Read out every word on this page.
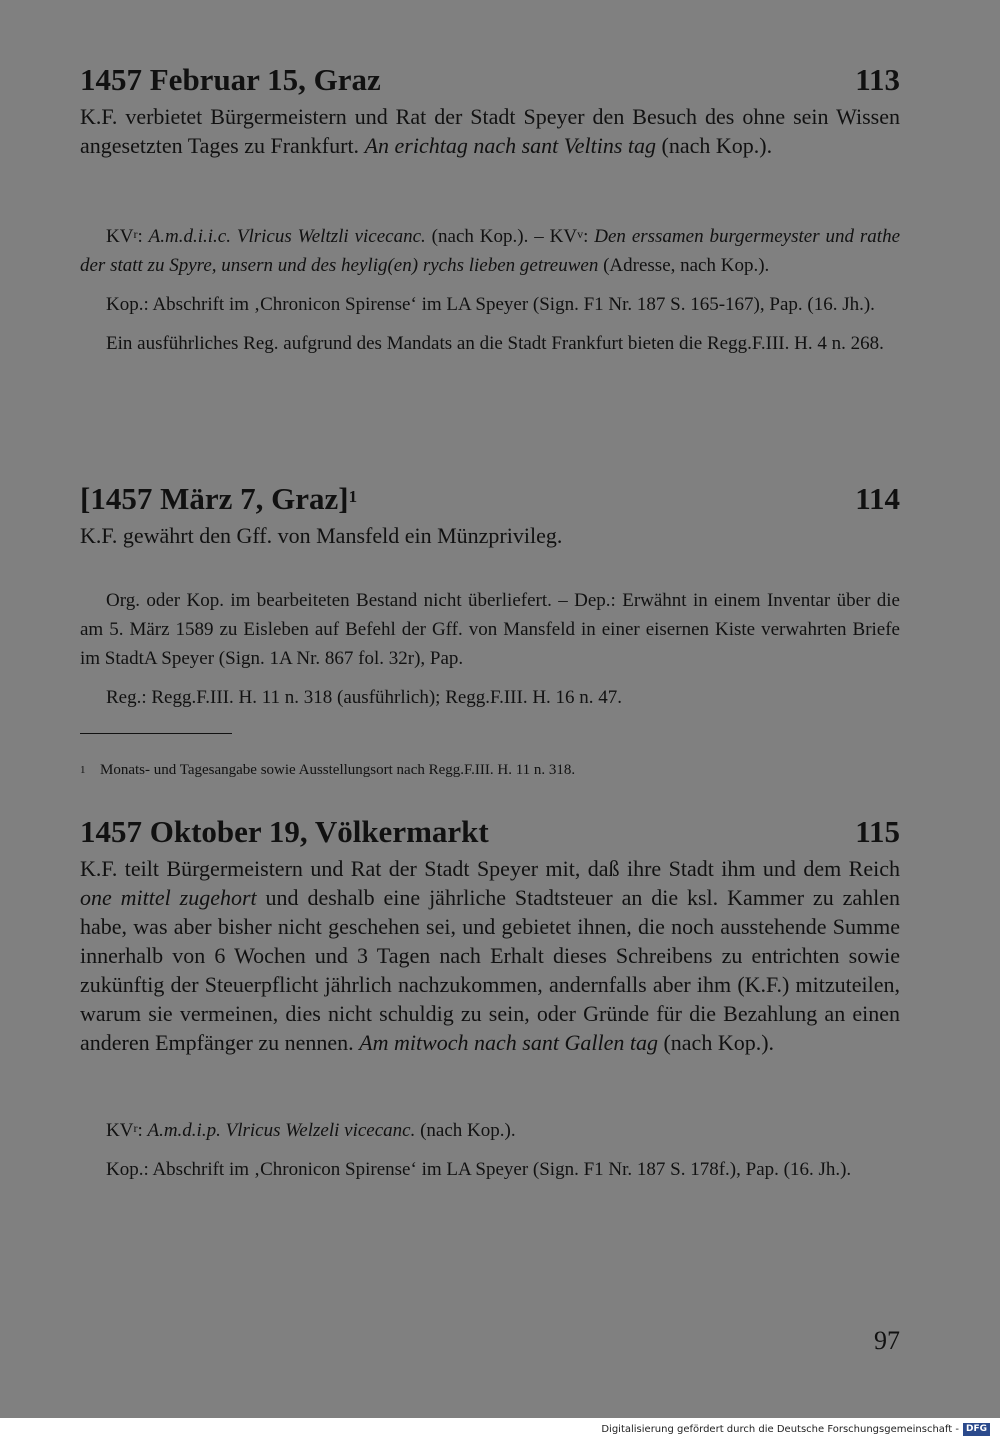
1457 Februar 15, Graz	113

K.F. verbietet Bürgermeistern und Rat der Stadt Speyer den Besuch des ohne sein Wissen angesetzten Tages zu Frankfurt. An erichtag nach sant Veltins tag (nach Kop.).

$KV^r$: A.m.d.i.i.c. Vlricus Weltzli vicecanc. (nach Kop.). – $KV^v$: Den erssamen burgermeyster und rathe der statt zu Spyre, unsern und des heylig(en) rychs lieben getreuwen (Adresse, nach Kop.).

Kop.: Abschrift im ‚Chronicon Spirense‘ im LA Speyer (Sign. F1 Nr. 187 S. 165-167), Pap. (16. Jh.).

Ein ausführliches Reg. aufgrund des Mandats an die Stadt Frankfurt bieten die Regg.F.III. H. 4 n. 268.

[1457 März 7, Graz]$^1$	114

K.F. gewährt den Gff. von Mansfeld ein Münzprivileg.

Org. oder Kop. im bearbeiteten Bestand nicht überliefert. – Dep.: Erwähnt in einem Inventar über die am 5. März 1589 zu Eisleben auf Befehl der Gff. von Mansfeld in einer eisernen Kiste verwahrten Briefe im StadtA Speyer (Sign. 1A Nr. 867 fol. 32r), Pap.

Reg.: Regg.F.III. H. 11 n. 318 (ausführlich); Regg.F.III. H. 16 n. 47.

1 Monats- und Tagesangabe sowie Ausstellungsort nach Regg.F.III. H. 11 n. 318.
1457 Oktober 19, Völkermarkt	115

K.F. teilt Bürgermeistern und Rat der Stadt Speyer mit, daß ihre Stadt ihm und dem Reich one mittel zugehort und deshalb eine jährliche Stadtsteuer an die ksl. Kammer zu zahlen habe, was aber bisher nicht geschehen sei, und gebietet ihnen, die noch ausstehende Summe innerhalb von 6 Wochen und 3 Tagen nach Erhalt dieses Schreibens zu entrichten sowie zukünftig der Steuerpflicht jährlich nachzukommen, andernfalls aber ihm (K.F.) mitzuteilen, warum sie vermeinen, dies nicht schuldig zu sein, oder Gründe für die Bezahlung an einen anderen Empfänger zu nennen. Am mitwoch nach sant Gallen tag (nach Kop.).

$KV^r$: A.m.d.i.p. Vlricus Welzeli vicecanc. (nach Kop.).

Kop.: Abschrift im ‚Chronicon Spirense‘ im LA Speyer (Sign. F1 Nr. 187 S. 178f.), Pap. (16. Jh.).

97
Digitalisierung gefördert durch die Deutsche Forschungsgemeinschaft - DFG
